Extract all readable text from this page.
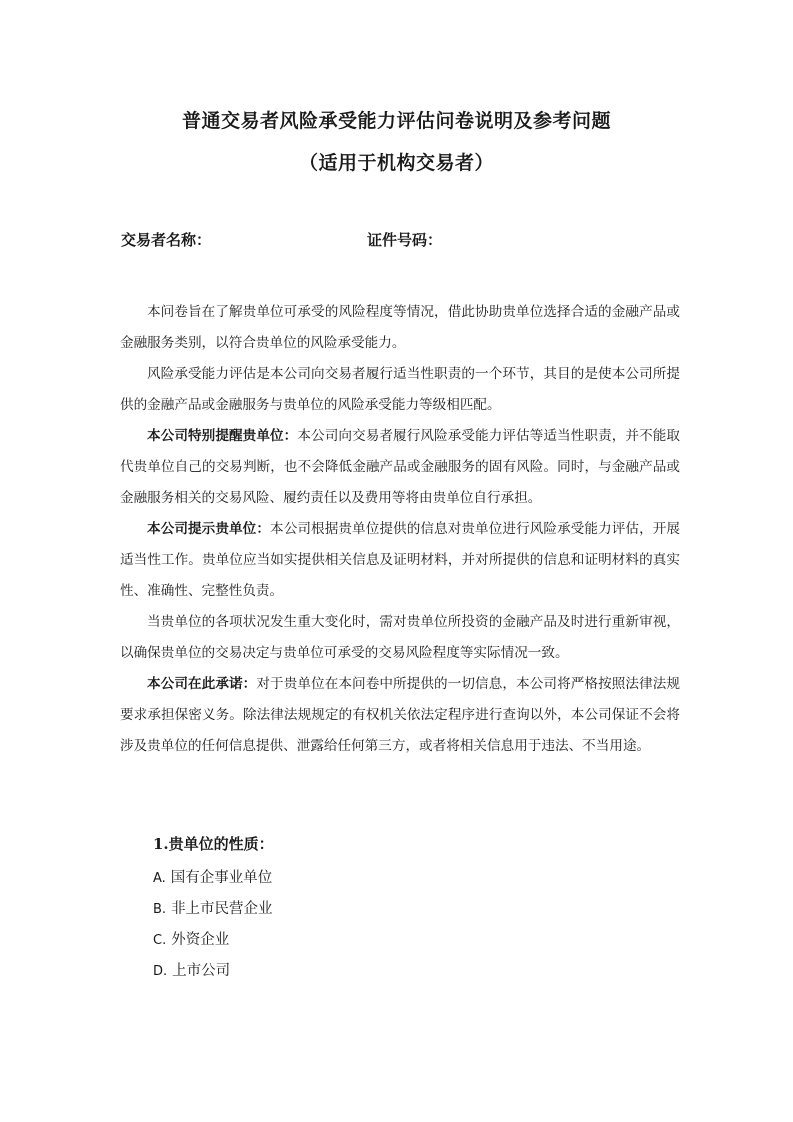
普通交易者风险承受能力评估问卷说明及参考问题
（适用于机构交易者）
交易者名称：	证件号码：

本问卷旨在了解贵单位可承受的风险程度等情况，借此协助贵单位选择合适的金融产品或金融服务类别，以符合贵单位的风险承受能力。

风险承受能力评估是本公司向交易者履行适当性职责的一个环节，其目的是使本公司所提供的金融产品或金融服务与贵单位的风险承受能力等级相匹配。

本公司特别提醒贵单位：本公司向交易者履行风险承受能力评估等适当性职责，并不能取代贵单位自己的交易判断，也不会降低金融产品或金融服务的固有风险。同时，与金融产品或金融服务相关的交易风险、履约责任以及费用等将由贵单位自行承担。

本公司提示贵单位：本公司根据贵单位提供的信息对贵单位进行风险承受能力评估，开展适当性工作。贵单位应当如实提供相关信息及证明材料，并对所提供的信息和证明材料的真实性、准确性、完整性负责。

当贵单位的各项状况发生重大变化时，需对贵单位所投资的金融产品及时进行重新审视，以确保贵单位的交易决定与贵单位可承受的交易风险程度等实际情况一致。

本公司在此承诺：对于贵单位在本问卷中所提供的一切信息，本公司将严格按照法律法规要求承担保密义务。除法律法规规定的有权机关依法定程序进行查询以外，本公司保证不会将涉及贵单位的任何信息提供、泄露给任何第三方，或者将相关信息用于违法、不当用途。

1.贵单位的性质：
A. 国有企事业单位
B. 非上市民营企业
C. 外资企业
D. 上市公司
